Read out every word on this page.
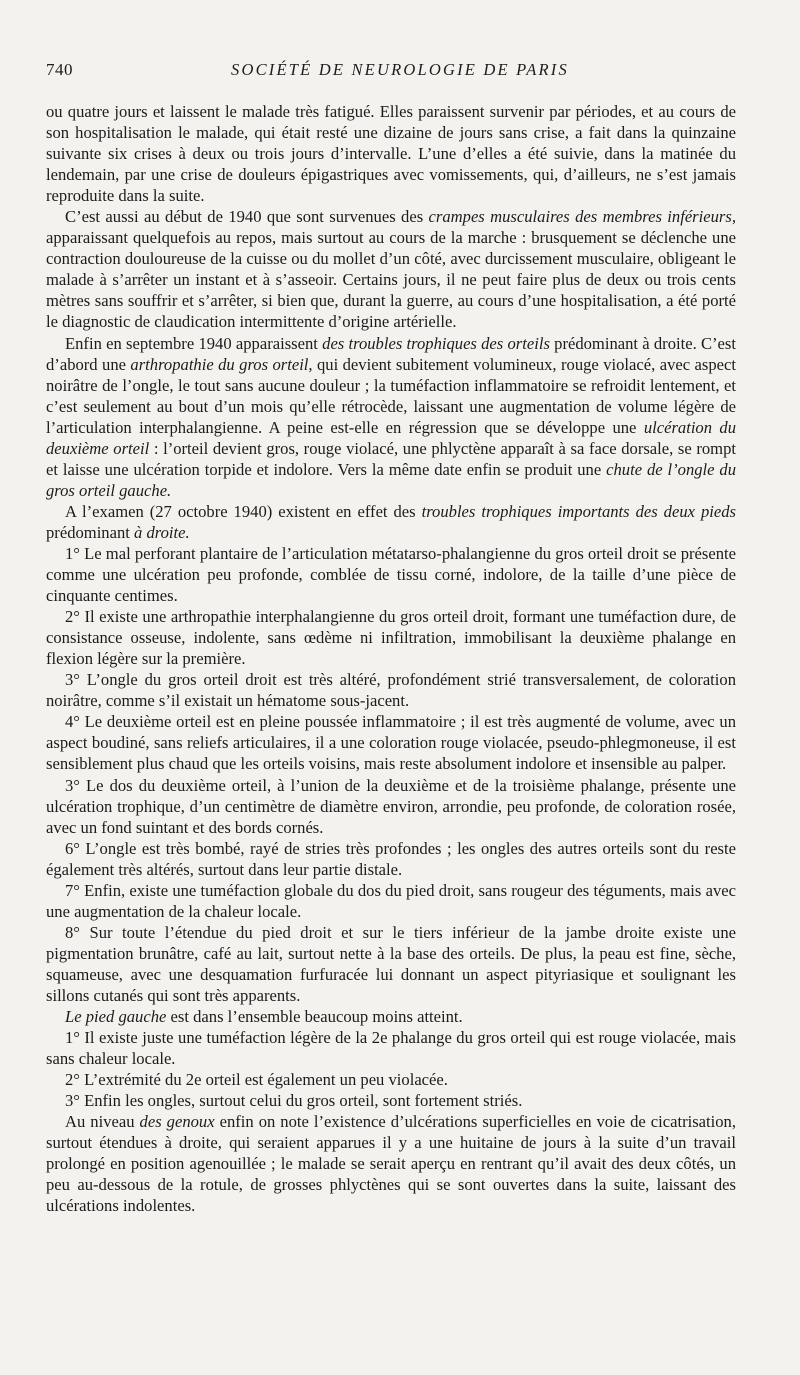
740	SOCIÉTÉ DE NEUROLOGIE DE PARIS

ou quatre jours et laissent le malade très fatigué. Elles paraissent survenir par périodes, et au cours de son hospitalisation le malade, qui était resté une dizaine de jours sans crise, a fait dans la quinzaine suivante six crises à deux ou trois jours d’intervalle. L’une d’elles a été suivie, dans la matinée du lendemain, par une crise de douleurs épigastriques avec vomissements, qui, d’ailleurs, ne s’est jamais reproduite dans la suite.

C’est aussi au début de 1940 que sont survenues des crampes musculaires des membres inférieurs, apparaissant quelquefois au repos, mais surtout au cours de la marche : brusquement se déclenche une contraction douloureuse de la cuisse ou du mollet d’un côté, avec durcissement musculaire, obligeant le malade à s’arrêter un instant et à s’asseoir. Certains jours, il ne peut faire plus de deux ou trois cents mètres sans souffrir et s’arrêter, si bien que, durant la guerre, au cours d’une hospitalisation, a été porté le diagnostic de claudication intermittente d’origine artérielle.

Enfin en septembre 1940 apparaissent des troubles trophiques des orteils prédominant à droite. C’est d’abord une arthropathie du gros orteil, qui devient subitement volumineux, rouge violacé, avec aspect noirâtre de l’ongle, le tout sans aucune douleur ; la tuméfaction inflammatoire se refroidit lentement, et c’est seulement au bout d’un mois qu’elle rétrocède, laissant une augmentation de volume légère de l’articulation interphalangienne. A peine est-elle en régression que se développe une ulcération du deuxième orteil : l’orteil devient gros, rouge violacé, une phlyctène apparaît à sa face dorsale, se rompt et laisse une ulcération torpide et indolore. Vers la même date enfin se produit une chute de l’ongle du gros orteil gauche.

A l’examen (27 octobre 1940) existent en effet des troubles trophiques importants des deux pieds prédominant à droite.

1° Le mal perforant plantaire de l’articulation métatarso-phalangienne du gros orteil droit se présente comme une ulcération peu profonde, comblée de tissu corné, indolore, de la taille d’une pièce de cinquante centimes.

2° Il existe une arthropathie interphalangienne du gros orteil droit, formant une tuméfaction dure, de consistance osseuse, indolente, sans œdème ni infiltration, immobilisant la deuxième phalange en flexion légère sur la première.

3° L’ongle du gros orteil droit est très altéré, profondément strié transversalement, de coloration noirâtre, comme s’il existait un hématome sous-jacent.

4° Le deuxième orteil est en pleine poussée inflammatoire ; il est très augmenté de volume, avec un aspect boudiné, sans reliefs articulaires, il a une coloration rouge violacée, pseudo-phlegmoneuse, il est sensiblement plus chaud que les orteils voisins, mais reste absolument indolore et insensible au palper.

3° Le dos du deuxième orteil, à l’union de la deuxième et de la troisième phalange, présente une ulcération trophique, d’un centimètre de diamètre environ, arrondie, peu profonde, de coloration rosée, avec un fond suintant et des bords cornés.

6° L’ongle est très bombé, rayé de stries très profondes ; les ongles des autres orteils sont du reste également très altérés, surtout dans leur partie distale.

7° Enfin, existe une tuméfaction globale du dos du pied droit, sans rougeur des téguments, mais avec une augmentation de la chaleur locale.

8° Sur toute l’étendue du pied droit et sur le tiers inférieur de la jambe droite existe une pigmentation brunâtre, café au lait, surtout nette à la base des orteils. De plus, la peau est fine, sèche, squameuse, avec une desquamation furfuracée lui donnant un aspect pityriasique et soulignant les sillons cutanés qui sont très apparents.

Le pied gauche est dans l’ensemble beaucoup moins atteint.

1° Il existe juste une tuméfaction légère de la 2e phalange du gros orteil qui est rouge violacée, mais sans chaleur locale.

2° L’extrémité du 2e orteil est également un peu violacée.

3° Enfin les ongles, surtout celui du gros orteil, sont fortement striés.

Au niveau des genoux enfin on note l’existence d’ulcérations superficielles en voie de cicatrisation, surtout étendues à droite, qui seraient apparues il y a une huitaine de jours à la suite d’un travail prolongé en position agenouillée ; le malade se serait aperçu en rentrant qu’il avait des deux côtés, un peu au-dessous de la rotule, de grosses phlyctènes qui se sont ouvertes dans la suite, laissant des ulcérations indolentes.
